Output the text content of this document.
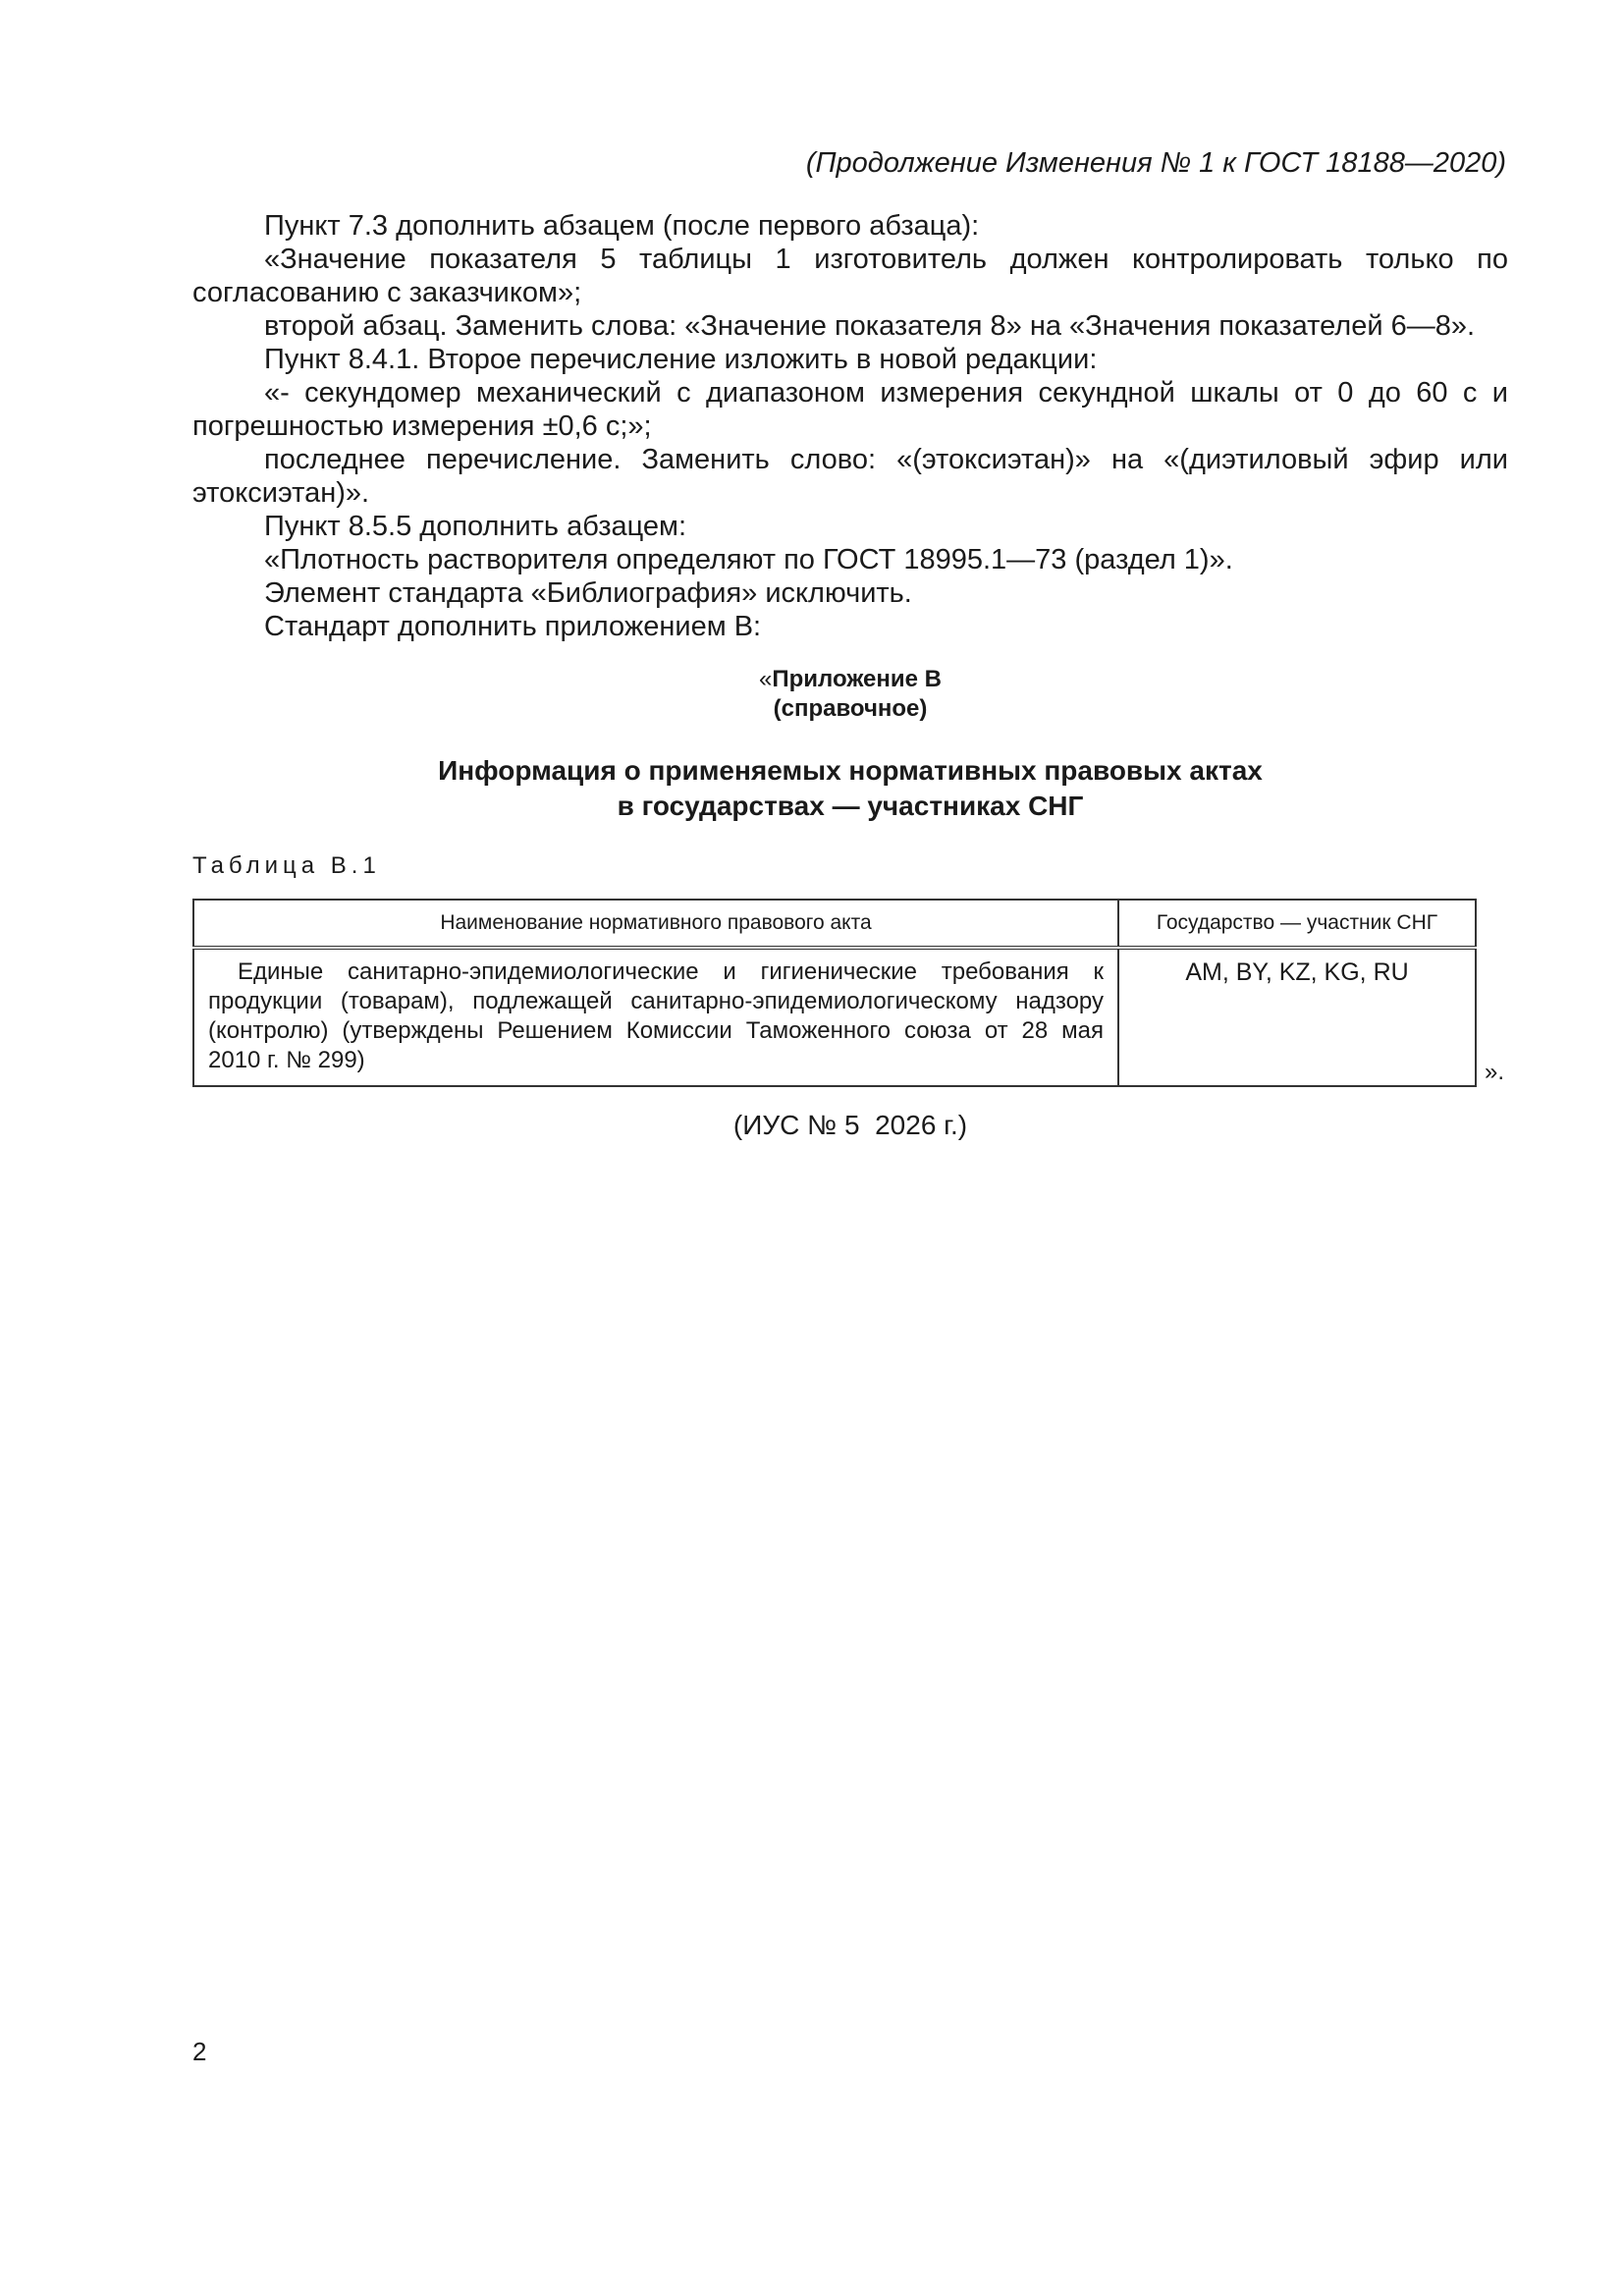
(Продолжение Изменения № 1 к ГОСТ 18188—2020)

Пункт 7.3 дополнить абзацем (после первого абзаца):

«Значение показателя 5 таблицы 1 изготовитель должен контролировать только по согласованию с заказчиком»;

второй абзац. Заменить слова: «Значение показателя 8» на «Значения показателей 6—8».

Пункт 8.4.1. Второе перечисление изложить в новой редакции:

«- секундомер механический с диапазоном измерения секундной шкалы от 0 до 60 с и погрешностью измерения ±0,6 с;»;

последнее перечисление. Заменить слово: «(этоксиэтан)» на «(диэтиловый эфир или этоксиэтан)».

Пункт 8.5.5 дополнить абзацем:

«Плотность растворителя определяют по ГОСТ 18995.1—73 (раздел 1)».

Элемент стандарта «Библиография» исключить.

Стандарт дополнить приложением В:

«Приложение В
(справочное)
Информация о применяемых нормативных правовых актах
в государствах — участниках СНГ
Таблица В.1
Наименование нормативного правового акта	Государство — участник СНГ
Единые санитарно-эпидемиологические и гигиенические требования к продукции (товарам), подлежащей санитарно-эпидемиологическому надзору (контролю) (утверждены Решением Комиссии Таможенного союза от 28 мая 2010 г. № 299)	AM, BY, KZ, KG, RU
».
(ИУС № 5  2026 г.)
2
